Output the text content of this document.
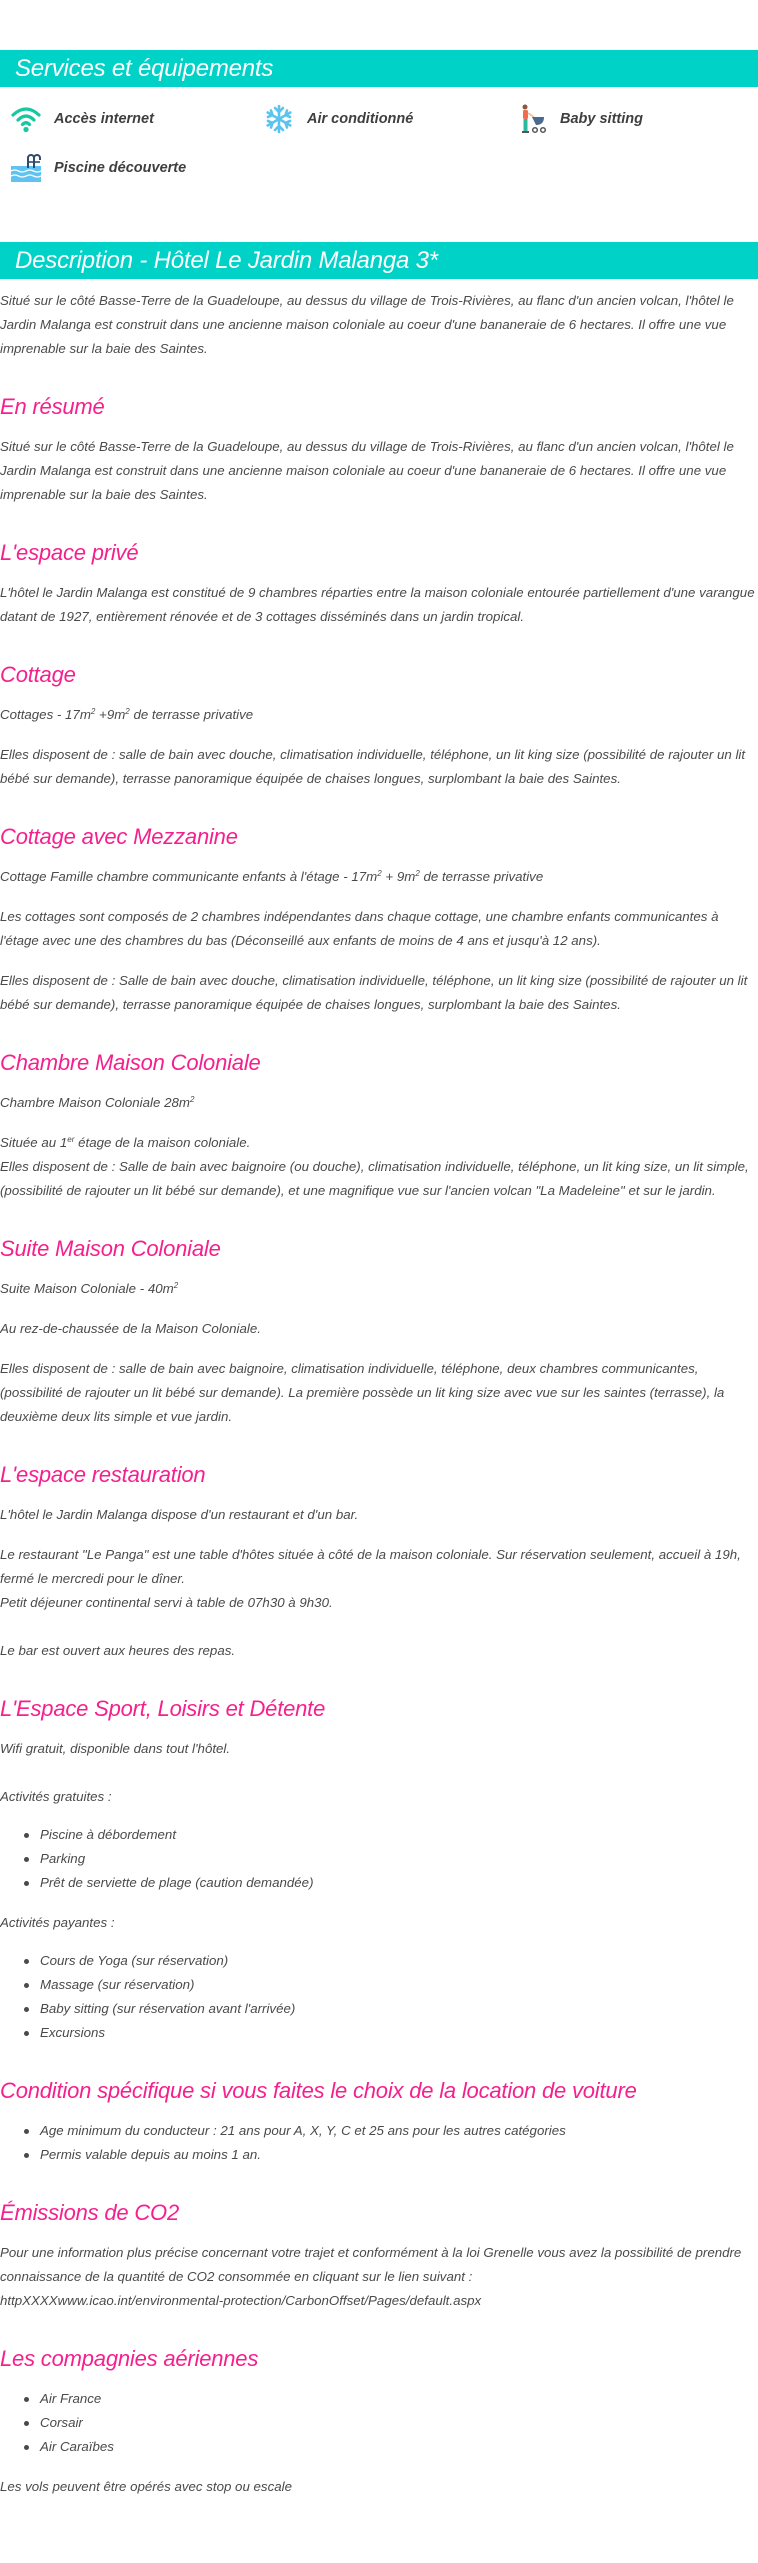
Services et équipements
Accès internet	Air conditionné	Baby sitting
Piscine découverte
Description - Hôtel Le Jardin Malanga 3*

Situé sur le côté Basse-Terre de la Guadeloupe, au dessus du village de Trois-Rivières, au flanc d'un ancien volcan, l'hôtel le Jardin Malanga est construit dans une ancienne maison coloniale au coeur d'une bananeraie de 6 hectares. Il offre une vue imprenable sur la baie des Saintes.

En résumé

Situé sur le côté Basse-Terre de la Guadeloupe, au dessus du village de Trois-Rivières, au flanc d'un ancien volcan, l'hôtel le Jardin Malanga est construit dans une ancienne maison coloniale au coeur d'une bananeraie de 6 hectares. Il offre une vue imprenable sur la baie des Saintes.

L'espace privé

L'hôtel le Jardin Malanga est constitué de 9 chambres réparties entre la maison coloniale entourée partiellement d'une varangue datant de 1927, entièrement rénovée et de 3 cottages disséminés dans un jardin tropical.

Cottage

Cottages - $17m^2 +9m^2$ de terrasse privative

Elles disposent de : salle de bain avec douche, climatisation individuelle, téléphone, un lit king size (possibilité de rajouter un lit bébé sur demande), terrasse panoramique équipée de chaises longues, surplombant la baie des Saintes.

Cottage avec Mezzanine

Cottage Famille chambre communicante enfants à l'étage - $17m^2 + 9m^2$ de terrasse privative

Les cottages sont composés de 2 chambres indépendantes dans chaque cottage, une chambre enfants communicantes à l'étage avec une des chambres du bas (Déconseillé aux enfants de moins de 4 ans et jusqu'à 12 ans).

Elles disposent de : Salle de bain avec douche, climatisation individuelle, téléphone, un lit king size (possibilité de rajouter un lit bébé sur demande), terrasse panoramique équipée de chaises longues, surplombant la baie des Saintes.

Chambre Maison Coloniale

Chambre Maison Coloniale $28m^2$

Située au 1er étage de la maison coloniale.

Elles disposent de : Salle de bain avec baignoire (ou douche), climatisation individuelle, téléphone, un lit king size, un lit simple, (possibilité de rajouter un lit bébé sur demande), et une magnifique vue sur l'ancien volcan "La Madeleine" et sur le jardin.

Suite Maison Coloniale

Suite Maison Coloniale - $40m^2$

Au rez-de-chaussée de la Maison Coloniale.

Elles disposent de : salle de bain avec baignoire, climatisation individuelle, téléphone, deux chambres communicantes, (possibilité de rajouter un lit bébé sur demande). La première possède un lit king size avec vue sur les saintes (terrasse), la deuxième deux lits simple et vue jardin.

L'espace restauration

L'hôtel le Jardin Malanga dispose d'un restaurant et d'un bar.

Le restaurant "Le Panga" est une table d'hôtes située à côté de la maison coloniale. Sur réservation seulement, accueil à 19h, fermé le mercredi pour le dîner.

Petit déjeuner continental servi à table de 07h30 à 9h30.

Le bar est ouvert aux heures des repas.

L'Espace Sport, Loisirs et Détente

Wifi gratuit, disponible dans tout l'hôtel.

Activités gratuites :

Piscine à débordement
Parking
Prêt de serviette de plage (caution demandée)

Activités payantes :

Cours de Yoga (sur réservation)
Massage (sur réservation)
Baby sitting (sur réservation avant l'arrivée)
Excursions
Condition spécifique si vous faites le choix de la location de voiture
Age minimum du conducteur : 21 ans pour A, X, Y, C et 25 ans pour les autres catégories
Permis valable depuis au moins 1 an.
Émissions de CO2

Pour une information plus précise concernant votre trajet et conformément à la loi Grenelle vous avez la possibilité de prendre connaissance de la quantité de CO2 consommée en cliquant sur le lien suivant :

httpXXXXwww.icao.int/environmental-protection/CarbonOffset/Pages/default.aspx

Les compagnies aériennes
Air France
Corsair
Air Caraïbes

Les vols peuvent être opérés avec stop ou escale
